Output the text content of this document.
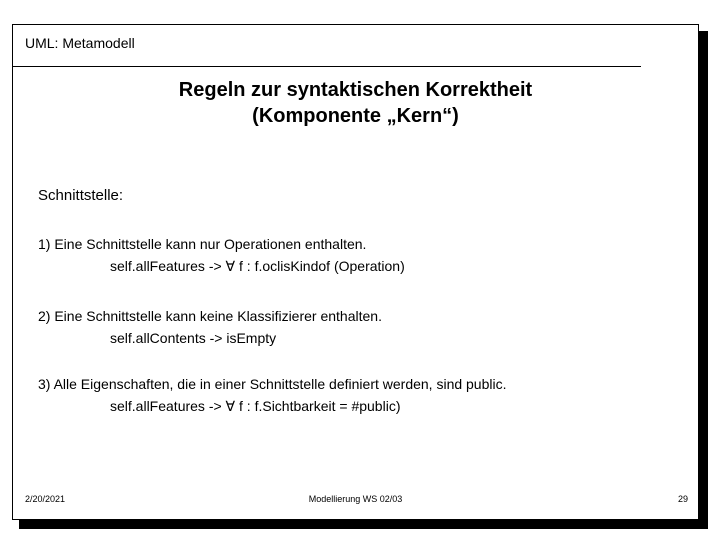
UML: Metamodell
Regeln zur syntaktischen Korrektheit
(Komponente „Kern“)
Schnittstelle:
1) Eine Schnittstelle kann nur Operationen enthalten.
self.allFeatures -> ∀ f : f.oclisKindof (Operation)
2) Eine Schnittstelle kann keine Klassifizierer enthalten.
self.allContents -> isEmpty
3) Alle Eigenschaften, die in einer Schnittstelle definiert werden, sind public.
self.allFeatures -> ∀ f : f.Sichtbarkeit = #public)
2/20/2021	Modellierung WS 02/03	29
